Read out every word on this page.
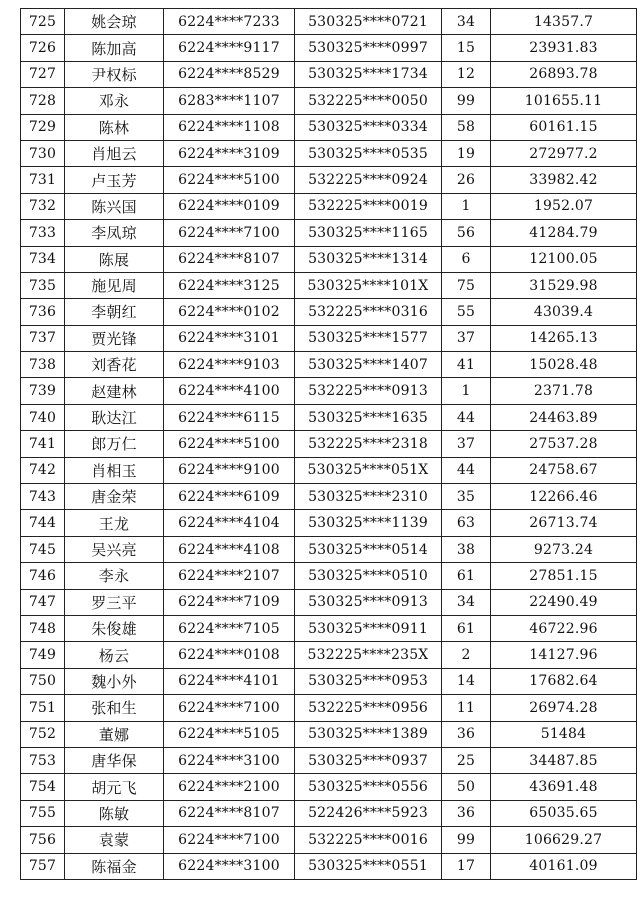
725	姚会琼	6224****7233	530325****0721	34	14357.7
726	陈加高	6224****9117	530325****0997	15	23931.83
727	尹权标	6224****8529	530325****1734	12	26893.78
728	邓永	6283****1107	532225****0050	99	101655.11
729	陈林	6224****1108	530325****0334	58	60161.15
730	肖旭云	6224****3109	530325****0535	19	272977.2
731	卢玉芳	6224****5100	532225****0924	26	33982.42
732	陈兴国	6224****0109	532225****0019	1	1952.07
733	李凤琼	6224****7100	530325****1165	56	41284.79
734	陈展	6224****8107	530325****1314	6	12100.05
735	施见周	6224****3125	530325****101X	75	31529.98
736	李朝红	6224****0102	532225****0316	55	43039.4
737	贾光锋	6224****3101	530325****1577	37	14265.13
738	刘香花	6224****9103	530325****1407	41	15028.48
739	赵建林	6224****4100	532225****0913	1	2371.78
740	耿达江	6224****6115	530325****1635	44	24463.89
741	郎万仁	6224****5100	532225****2318	37	27537.28
742	肖相玉	6224****9100	530325****051X	44	24758.67
743	唐金荣	6224****6109	530325****2310	35	12266.46
744	王龙	6224****4104	530325****1139	63	26713.74
745	吴兴亮	6224****4108	530325****0514	38	9273.24
746	李永	6224****2107	530325****0510	61	27851.15
747	罗三平	6224****7109	530325****0913	34	22490.49
748	朱俊雄	6224****7105	530325****0911	61	46722.96
749	杨云	6224****0108	532225****235X	2	14127.96
750	魏小外	6224****4101	530325****0953	14	17682.64
751	张和生	6224****7100	532225****0956	11	26974.28
752	董娜	6224****5105	530325****1389	36	51484
753	唐华保	6224****3100	530325****0937	25	34487.85
754	胡元飞	6224****2100	530325****0556	50	43691.48
755	陈敏	6224****8107	522426****5923	36	65035.65
756	袁蒙	6224****7100	532225****0016	99	106629.27
757	陈福金	6224****3100	530325****0551	17	40161.09
